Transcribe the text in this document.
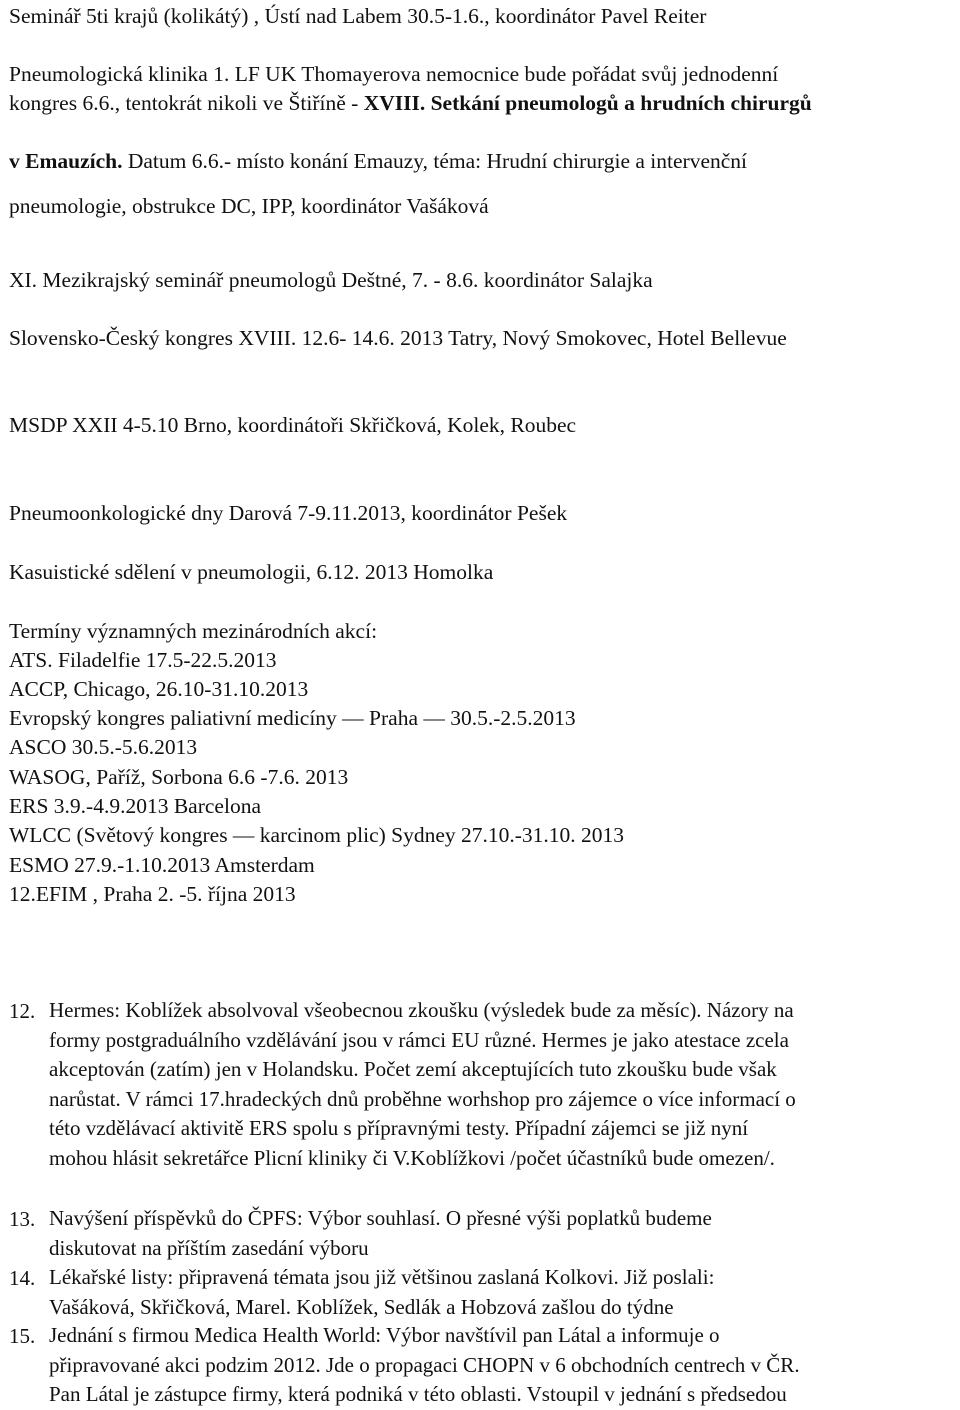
Seminář 5ti krajů (kolikátý) , Ústí nad Labem 30.5-1.6., koordinátor Pavel Reiter
Pneumologická klinika 1. LF UK Thomayerova nemocnice bude pořádat svůj jednodenní
kongres 6.6., tentokrát nikoli ve Štiříně - XVIII. Setkání pneumologů a hrudních chirurgů
v Emauzích. Datum 6.6.- místo konání Emauzy, téma: Hrudní chirurgie a intervenční
pneumologie, obstrukce DC, IPP, koordinátor Vašáková
XI. Mezikrajský seminář pneumologů Deštné, 7. - 8.6. koordinátor Salajka
Slovensko-Český kongres XVIII. 12.6- 14.6. 2013 Tatry, Nový Smokovec, Hotel Bellevue
MSDP XXII 4-5.10 Brno, koordinátoři Skřičková, Kolek, Roubec
Pneumoonkologické dny Darová 7-9.11.2013, koordinátor Pešek
Kasuistické sdělení v pneumologii, 6.12. 2013 Homolka
Termíny významných mezinárodních akcí:
ATS. Filadelfie 17.5-22.5.2013
ACCP, Chicago, 26.10-31.10.2013
Evropský kongres paliativní medicíny — Praha — 30.5.-2.5.2013
ASCO 30.5.-5.6.2013
WASOG, Paříž, Sorbona 6.6 -7.6. 2013
ERS 3.9.-4.9.2013 Barcelona
WLCC (Světový kongres — karcinom plic) Sydney 27.10.-31.10. 2013
ESMO 27.9.-1.10.2013 Amsterdam
12.EFIM , Praha 2. -5. října 2013
12. Hermes: Koblížek absolvoval všeobecnou zkoušku (výsledek bude za měsíc). Názory na
formy postgraduálního vzdělávání jsou v rámci EU různé. Hermes je jako atestace zcela
akceptován (zatím) jen v Holandsku. Počet zemí akceptujících tuto zkoušku bude však
narůstat. V rámci 17.hradeckých dnů proběhne worhshop pro zájemce o více informací o
této vzdělávací aktivitě ERS spolu s přípravnými testy. Případní zájemci se již nyní
mohou hlásit sekretářce Plicní kliniky či V.Koblížkovi /počet účastníků bude omezen/.
13. Navýšení příspěvků do ČPFS: Výbor souhlasí. O přesné výši poplatků budeme
diskutovat na příštím zasedání výboru
14. Lékařské listy: připravená témata jsou již většinou zaslaná Kolkovi. Již poslali:
Vašáková, Skřičková, Marel. Koblížek, Sedlák a Hobzová zašlou do týdne
15. Jednání s firmou Medica Health World: Výbor navštívil pan Látal a informuje o
připravované akci podzim 2012. Jde o propagaci CHOPN v 6 obchodních centrech v ČR.
Pan Látal je zástupce firmy, která podniká v této oblasti. Vstoupil v jednání s předsedou
